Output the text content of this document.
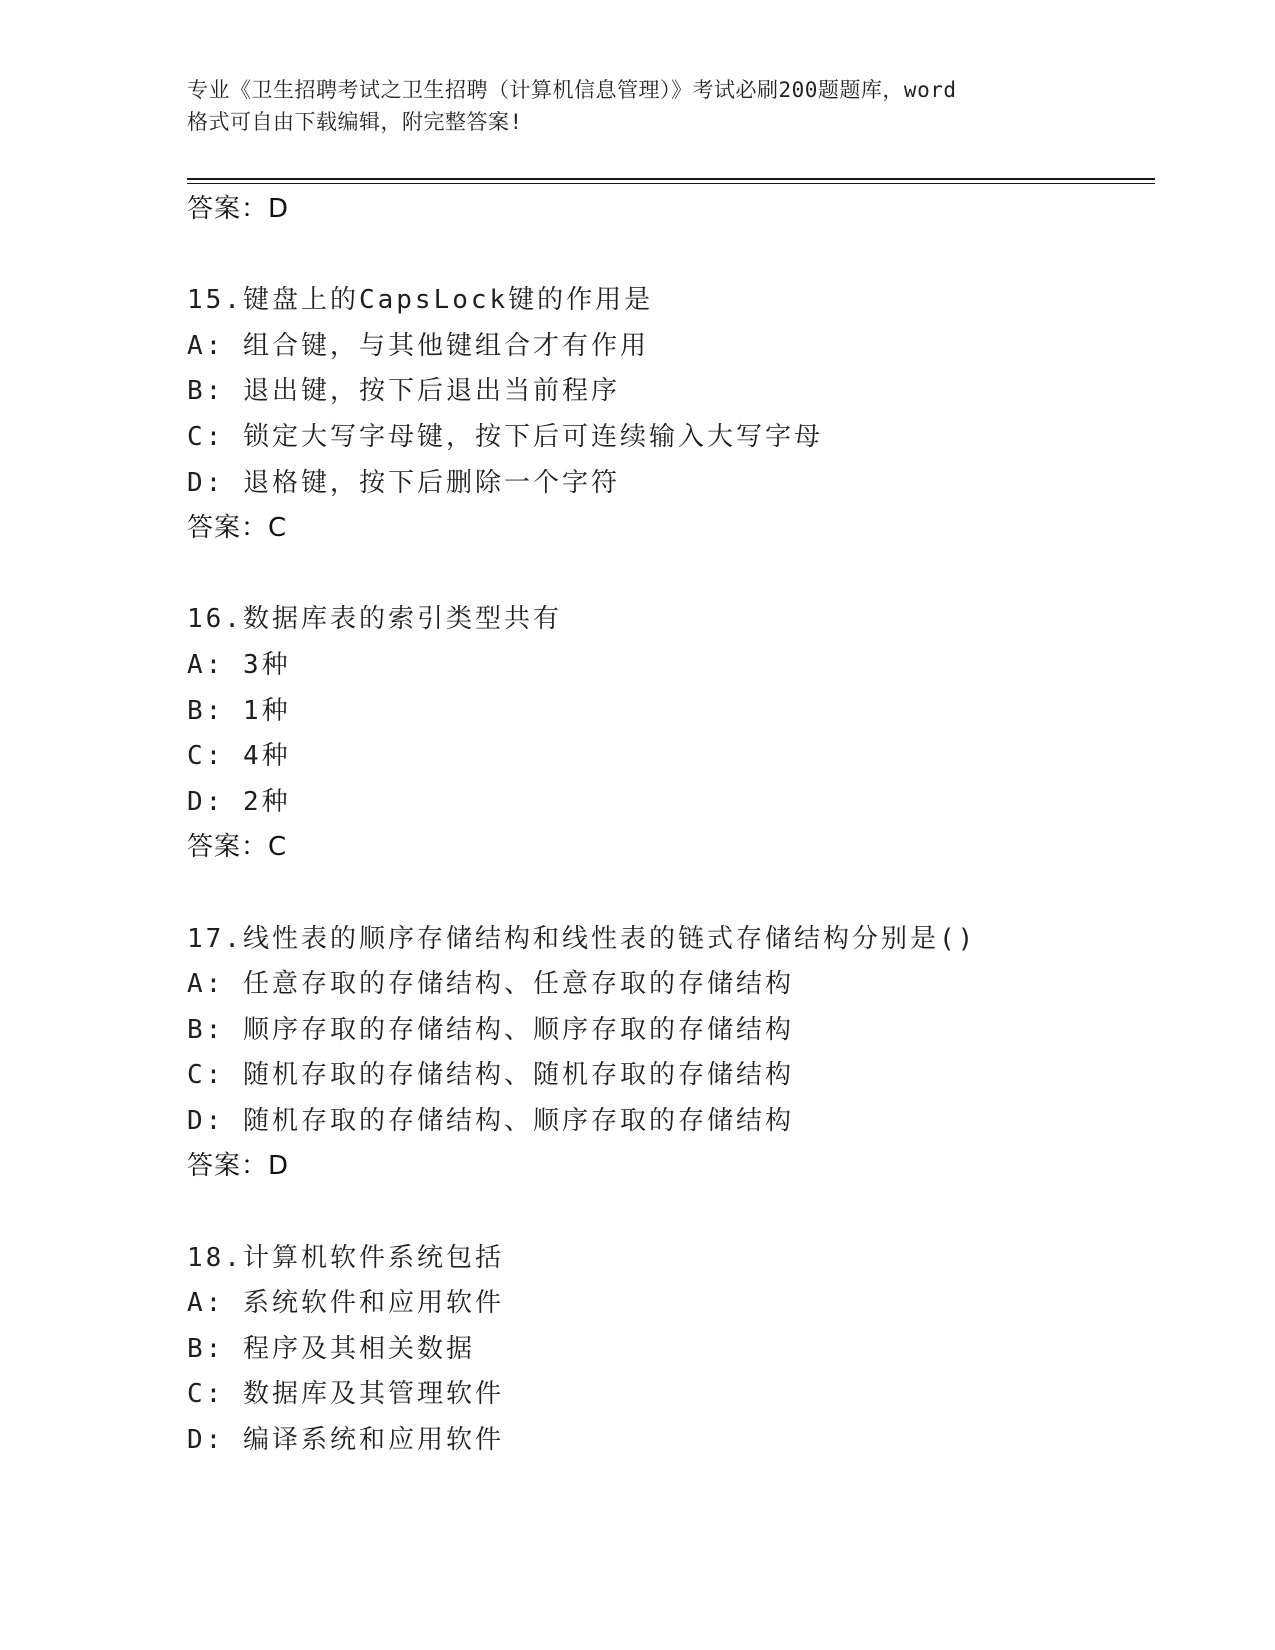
专业《卫生招聘考试之卫生招聘（计算机信息管理）》考试必刷200题题库，word
格式可自由下载编辑，附完整答案!
答案：D
15.键盘上的CapsLock键的作用是
A: 组合键，与其他键组合才有作用
B: 退出键，按下后退出当前程序
C: 锁定大写字母键，按下后可连续输入大写字母
D: 退格键，按下后删除一个字符
答案：C
16.数据库表的索引类型共有
A: 3种
B: 1种
C: 4种
D: 2种
答案：C
17.线性表的顺序存储结构和线性表的链式存储结构分别是()
A: 任意存取的存储结构、任意存取的存储结构
B: 顺序存取的存储结构、顺序存取的存储结构
C: 随机存取的存储结构、随机存取的存储结构
D: 随机存取的存储结构、顺序存取的存储结构
答案：D
18.计算机软件系统包括
A: 系统软件和应用软件
B: 程序及其相关数据
C: 数据库及其管理软件
D: 编译系统和应用软件
